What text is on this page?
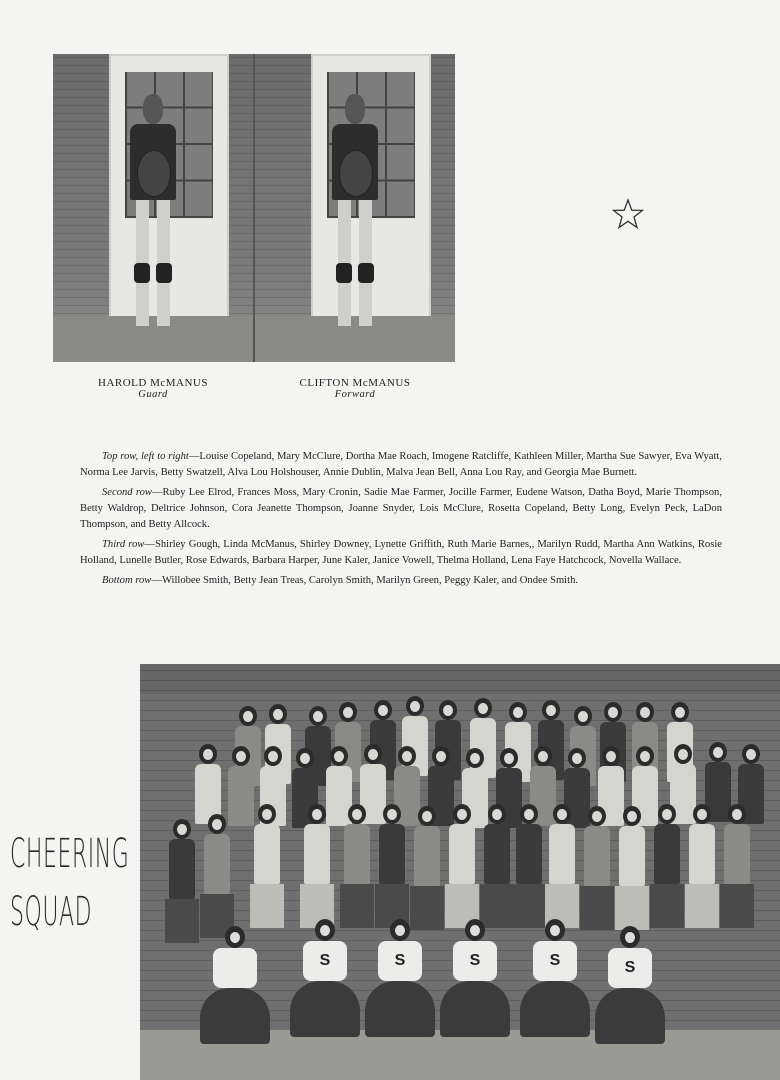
HAROLD McMANUS
Guard
CLIFTON McMANUS
Forward

Top row, left to right—Louise Copeland, Mary McClure, Dortha Mae Roach, Imogene Ratcliffe, Kathleen Miller, Martha Sue Sawyer, Eva Wyatt, Norma Lee Jarvis, Betty Swatzell, Alva Lou Holshouser, Annie Dublin, Malva Jean Bell, Anna Lou Ray, and Georgia Mae Burnett.

Second row—Ruby Lee Elrod, Frances Moss, Mary Cronin, Sadie Mae Farmer, Jocille Farmer, Eudene Watson, Datha Boyd, Marie Thompson, Betty Waldrop, Deltrice Johnson, Cora Jeanette Thompson, Joanne Snyder, Lois McClure, Rosetta Copeland, Betty Long, Evelyn Peck, LaDon Thompson, and Betty Allcock.

Third row—Shirley Gough, Linda McManus, Shirley Downey, Lynette Griffith, Ruth Marie Barnes,, Marilyn Rudd, Martha Ann Watkins, Rosie Holland, Lunelle Butler, Rose Edwards, Barbara Harper, June Kaler, Janice Vowell, Thelma Holland, Lena Faye Hatchcock, Novella Wallace.

Bottom row—Willobee Smith, Betty Jean Treas, Carolyn Smith, Marilyn Green, Peggy Kaler, and Ondee Smith.

CHEERING
SQUAD
S	S	S	S	S
